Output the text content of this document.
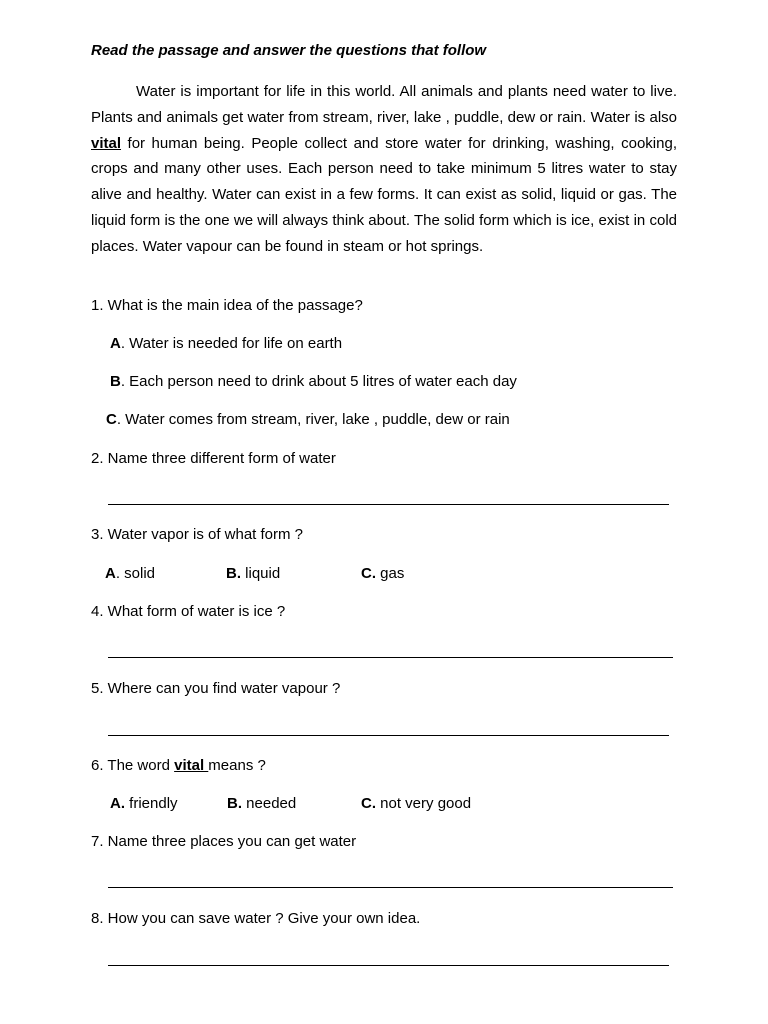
Read the passage and answer the questions that follow
Water is important for life in this world. All animals and plants need water to live. Plants and animals get water from stream, river, lake , puddle, dew or rain. Water is also vital for human being. People collect and store water for drinking, washing, cooking, crops and many other uses. Each person need to take minimum 5 litres water to stay alive and healthy. Water can exist in a few forms. It can exist as solid, liquid or gas. The liquid form is the one we will always think about. The solid form which is ice, exist in cold places. Water vapour can be found in steam or hot springs.
1. What is the main idea of the passage?
A. Water is needed for life on earth
B. Each person need to drink about 5 litres of water each day
C. Water comes from stream, river, lake , puddle, dew or rain
2. Name three different form of water
3. Water vapor is of what form ?
A. solid	B. liquid	C. gas
4. What form of water is ice ?
5. Where can you find water vapour ?
6. The word vital means ?
A. friendly	B. needed	C. not very good
7. Name three places you can get water
8. How you can save water ? Give your own idea.
